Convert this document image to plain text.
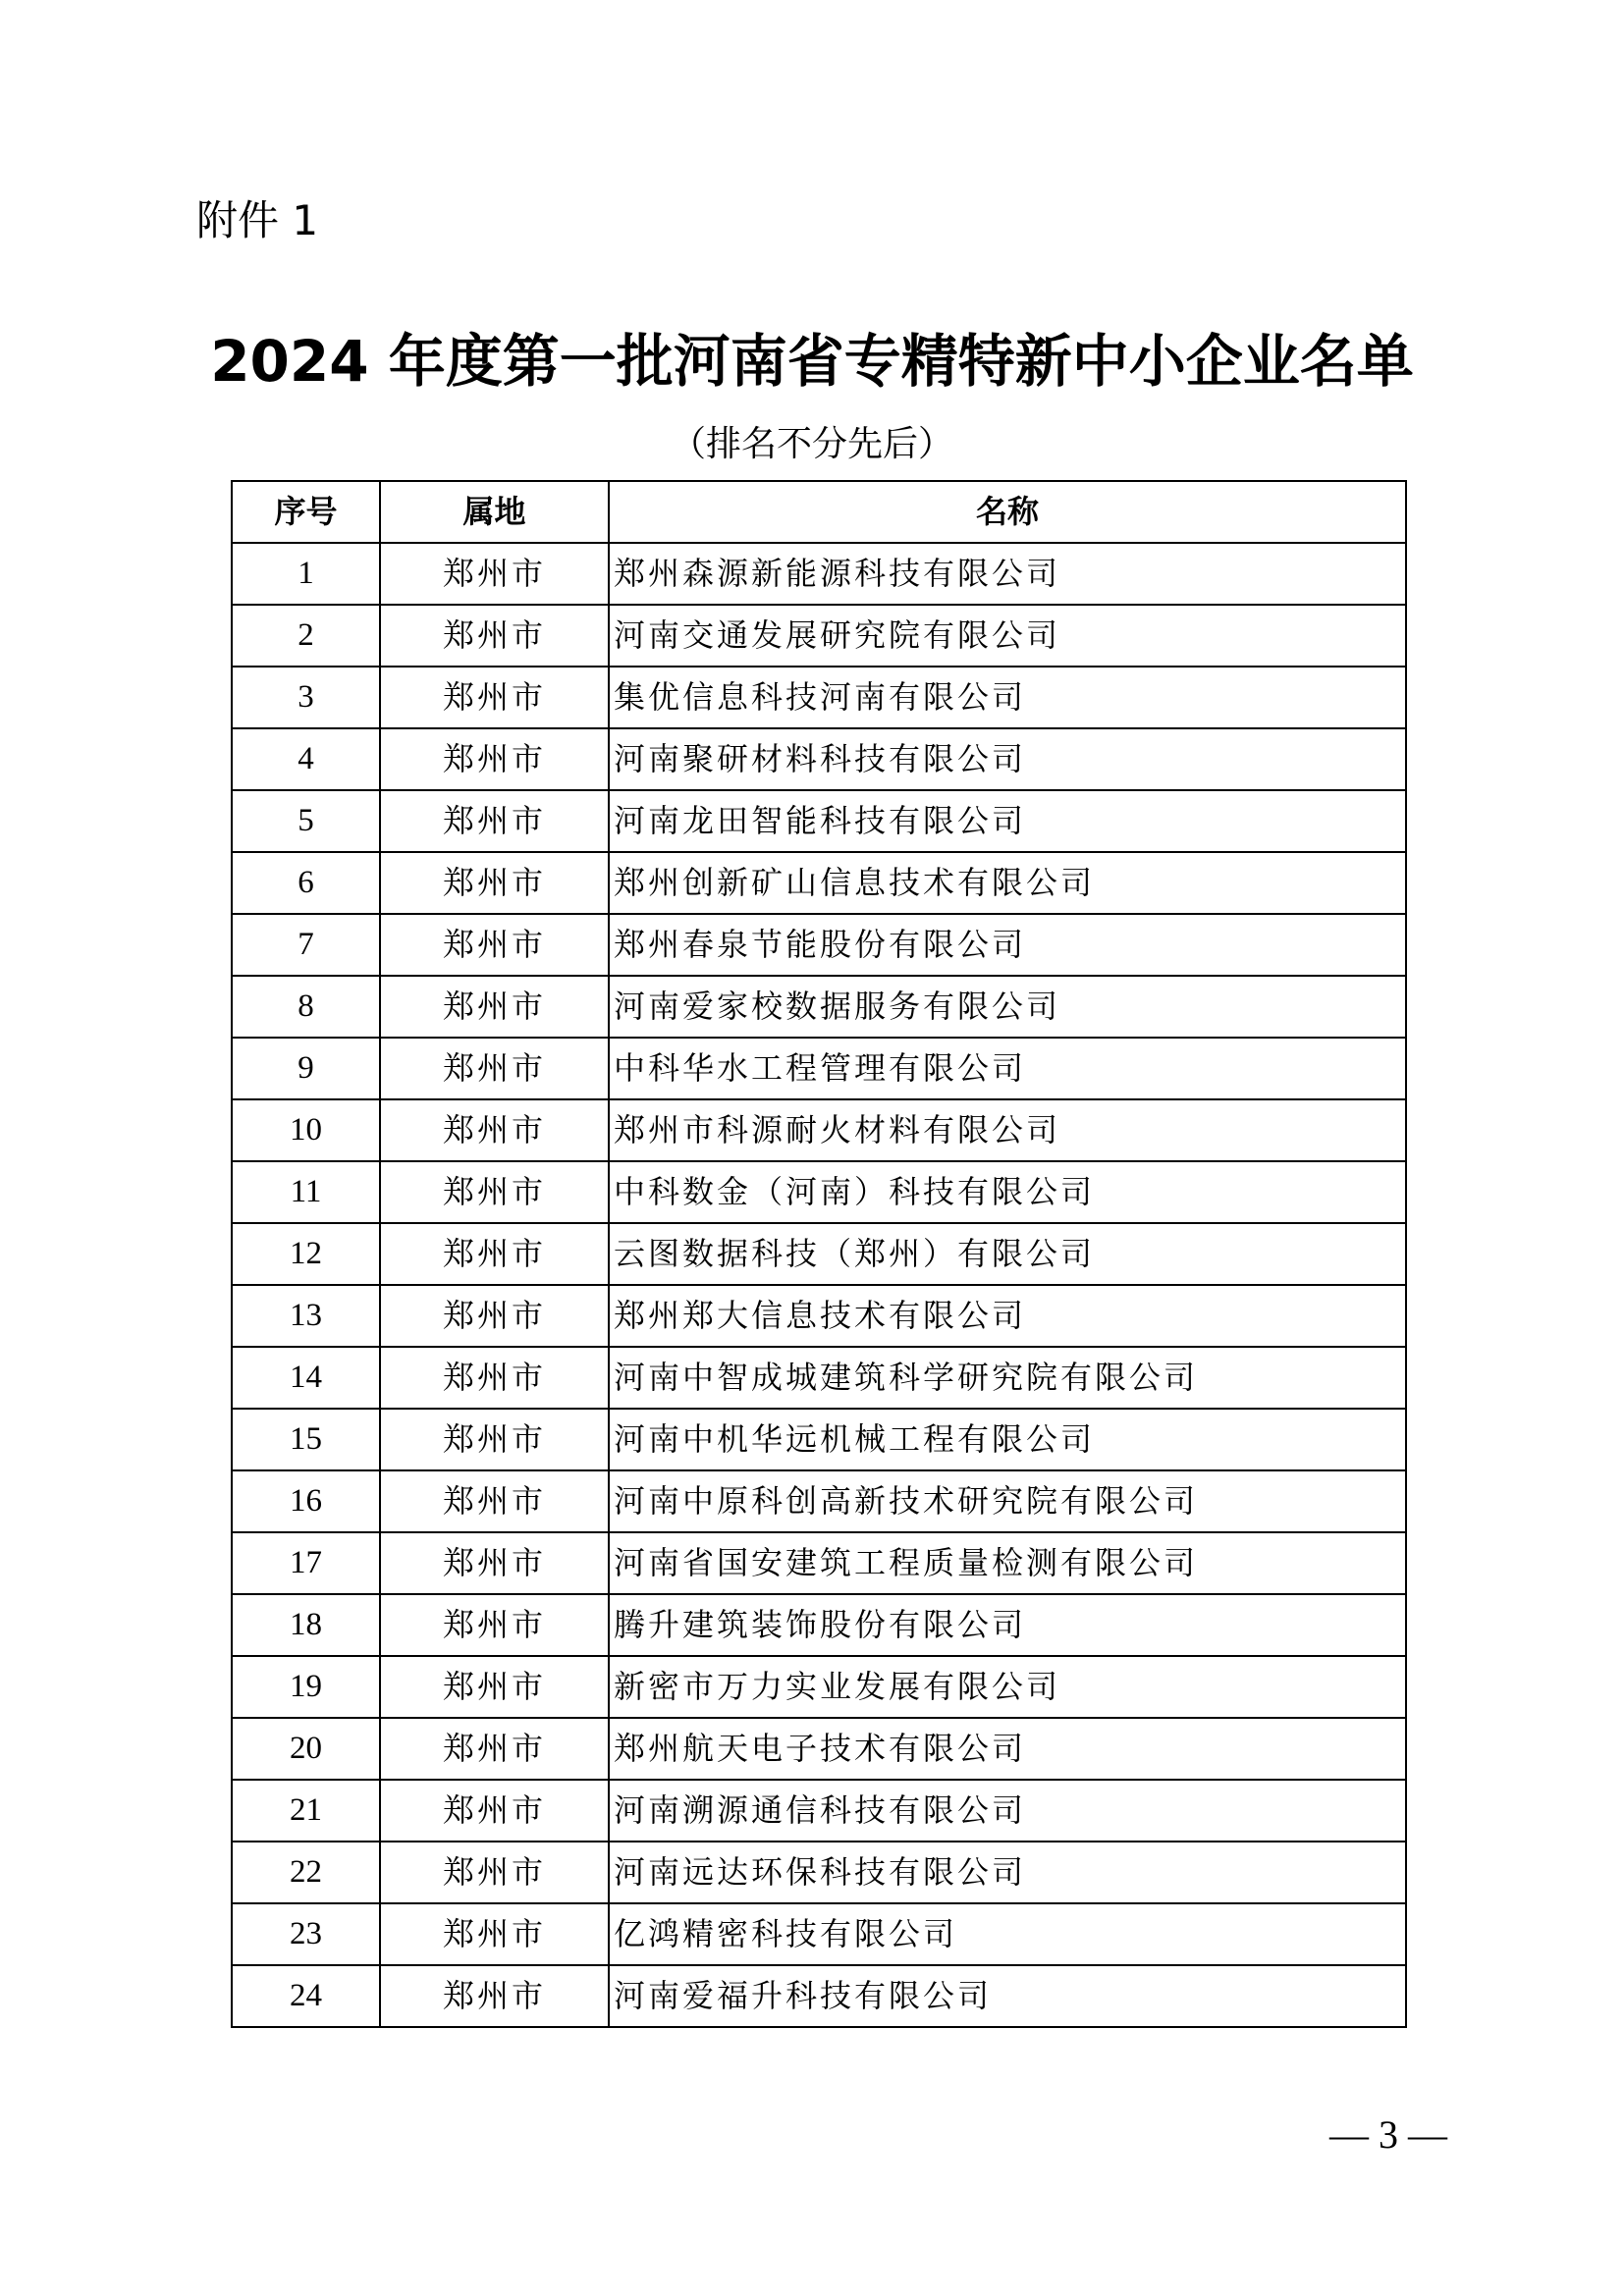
附件 1
2024 年度第一批河南省专精特新中小企业名单
（排名不分先后）
序号	属地	名称
1	郑州市	郑州森源新能源科技有限公司
2	郑州市	河南交通发展研究院有限公司
3	郑州市	集优信息科技河南有限公司
4	郑州市	河南聚研材料科技有限公司
5	郑州市	河南龙田智能科技有限公司
6	郑州市	郑州创新矿山信息技术有限公司
7	郑州市	郑州春泉节能股份有限公司
8	郑州市	河南爱家校数据服务有限公司
9	郑州市	中科华水工程管理有限公司
10	郑州市	郑州市科源耐火材料有限公司
11	郑州市	中科数金（河南）科技有限公司
12	郑州市	云图数据科技（郑州）有限公司
13	郑州市	郑州郑大信息技术有限公司
14	郑州市	河南中智成城建筑科学研究院有限公司
15	郑州市	河南中机华远机械工程有限公司
16	郑州市	河南中原科创高新技术研究院有限公司
17	郑州市	河南省国安建筑工程质量检测有限公司
18	郑州市	腾升建筑装饰股份有限公司
19	郑州市	新密市万力实业发展有限公司
20	郑州市	郑州航天电子技术有限公司
21	郑州市	河南溯源通信科技有限公司
22	郑州市	河南远达环保科技有限公司
23	郑州市	亿鸿精密科技有限公司
24	郑州市	河南爱福升科技有限公司
— 3 —
